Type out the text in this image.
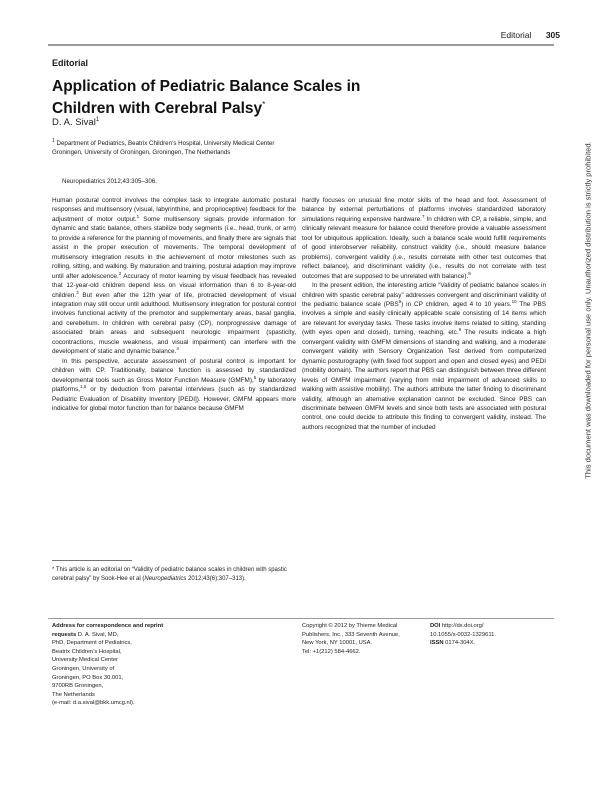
Editorial 305
Editorial
Application of Pediatric Balance Scales in Children with Cerebral Palsy*
D. A. Sival$^1$
$^1$ Department of Pediatrics, Beatrix Children’s Hospital, University Medical Center Groningen, University of Groningen, Groningen, The Netherlands
Neuropediatrics 2012;43:305–306.

Human postural control involves the complex task to integrate automatic postural responses and multisensory (visual, labyrinthine, and proprioceptive) feedback for the adjustment of motor output.$^1$ Some multisensory signals provide information for dynamic and static balance, others stabilize body segments (i.e., head, trunk, or arm) to provide a reference for the planning of movements, and finally there are signals that assist in the proper execution of movements. The temporal development of multisensory integration results in the achievement of motor milestones such as rolling, sitting, and walking. By maturation and training, postural adaption may improve until after adolescence.$^2$ Accuracy of motor learning by visual feedback has revealed that 12-year-old children depend less on visual information than 6 to 8-year-old children.$^3$ But even after the 12th year of life, protracted development of visual integration may still occur until adulthood. Multisensory integration for postural control involves functional activity of the premotor and supplementary areas, basal ganglia, and cerebellum. In children with cerebral palsy (CP), nonprogressive damage of associated brain areas and subsequent neurologic impairment (spasticity, cocontractions, muscle weakness, and visual impairment) can interfere with the development of static and dynamic balance.$^4$

In this perspective, accurate assessment of postural control is important for children with CP. Traditionally, balance function is assessed by standardized developmental tools such as Gross Motor Function Measure (GMFM),$^5$ by laboratory platforms,$^{1,6}$ or by deduction from parental interviews (such as by standardized Pediatric Evaluation of Disability Inventory [PEDI]). However, GMFM appears more indicative for global motor function than for balance because GMFM

hardly focuses on unusual fine motor skills of the head and foot. Assessment of balance by external perturbations of platforms involves standardized laboratory simulations requiring expensive hardware.$^7$ In children with CP, a reliable, simple, and clinically relevant measure for balance could therefore provide a valuable assessment tool for ubiquitous application. Ideally, such a balance scale would fulfill requirements of good interobserver reliability, construct validity (i.e., should measure balance problems), convergent validity (i.e., results correlate with other test outcomes that reflect balance), and discriminant validity (i.e., results do not correlate with test outcomes that are supposed to be unrelated with balance).$^8$

In the present edition, the interesting article “Validity of pediatric balance scales in children with spastic cerebral palsy” addresses convergent and discriminant validity of the pediatric balance scale (PBS$^9$) in CP children, aged 4 to 10 years.$^{10}$ The PBS involves a simple and easily clinically applicable scale consisting of 14 items which are relevant for everyday tasks. These tasks involve items related to sitting, standing (with eyes open and closed), turning, reaching, etc.$^9$ The results indicate a high convergent validity with GMFM dimensions of standing and walking, and a moderate convergent validity with Sensory Organization Test derived from computerized dynamic posturography (with fixed foot support and open and closed eyes) and PEDI (mobility domain). The authors report that PBS can distinguish between three different levels of GMFM impairment (varying from mild impairment of advanced skills to walking with assistive mobility). The authors attribute the latter finding to discriminant validity, although an alternative explanation cannot be excluded. Since PBS can discriminate between GMFM levels and since both tests are associated with postural control, one could decide to attribute this finding to convergent validity, instead. The authors recognized that the number of included

* This article is an editorial on “Validity of pediatric balance scales in children with spastic cerebral palsy” by Sook-Hee et al (Neuropediatrics 2012;43(6):307–313).
Address for correspondence and reprint requests D. A. Sival, MD,
PhD, Department of Pediatrics,
Beatrix Children’s Hospital,
University Medical Center
Groningen, University of
Groningen, PO Box 30.001,
9700RB Groningen,
The Netherlands
(e-mail: d.a.sival@bkk.umcg.nl).
Copyright © 2012 by Thieme Medical
Publishers, Inc., 333 Seventh Avenue,
New York, NY 10001, USA.
Tel: +1(212) 584-4662.
DOI http://dx.doi.org/
10.1055/s-0032-1329611.
ISSN 0174-304X.
This document was downloaded for personal use only. Unauthorized distribution is strictly prohibited.
